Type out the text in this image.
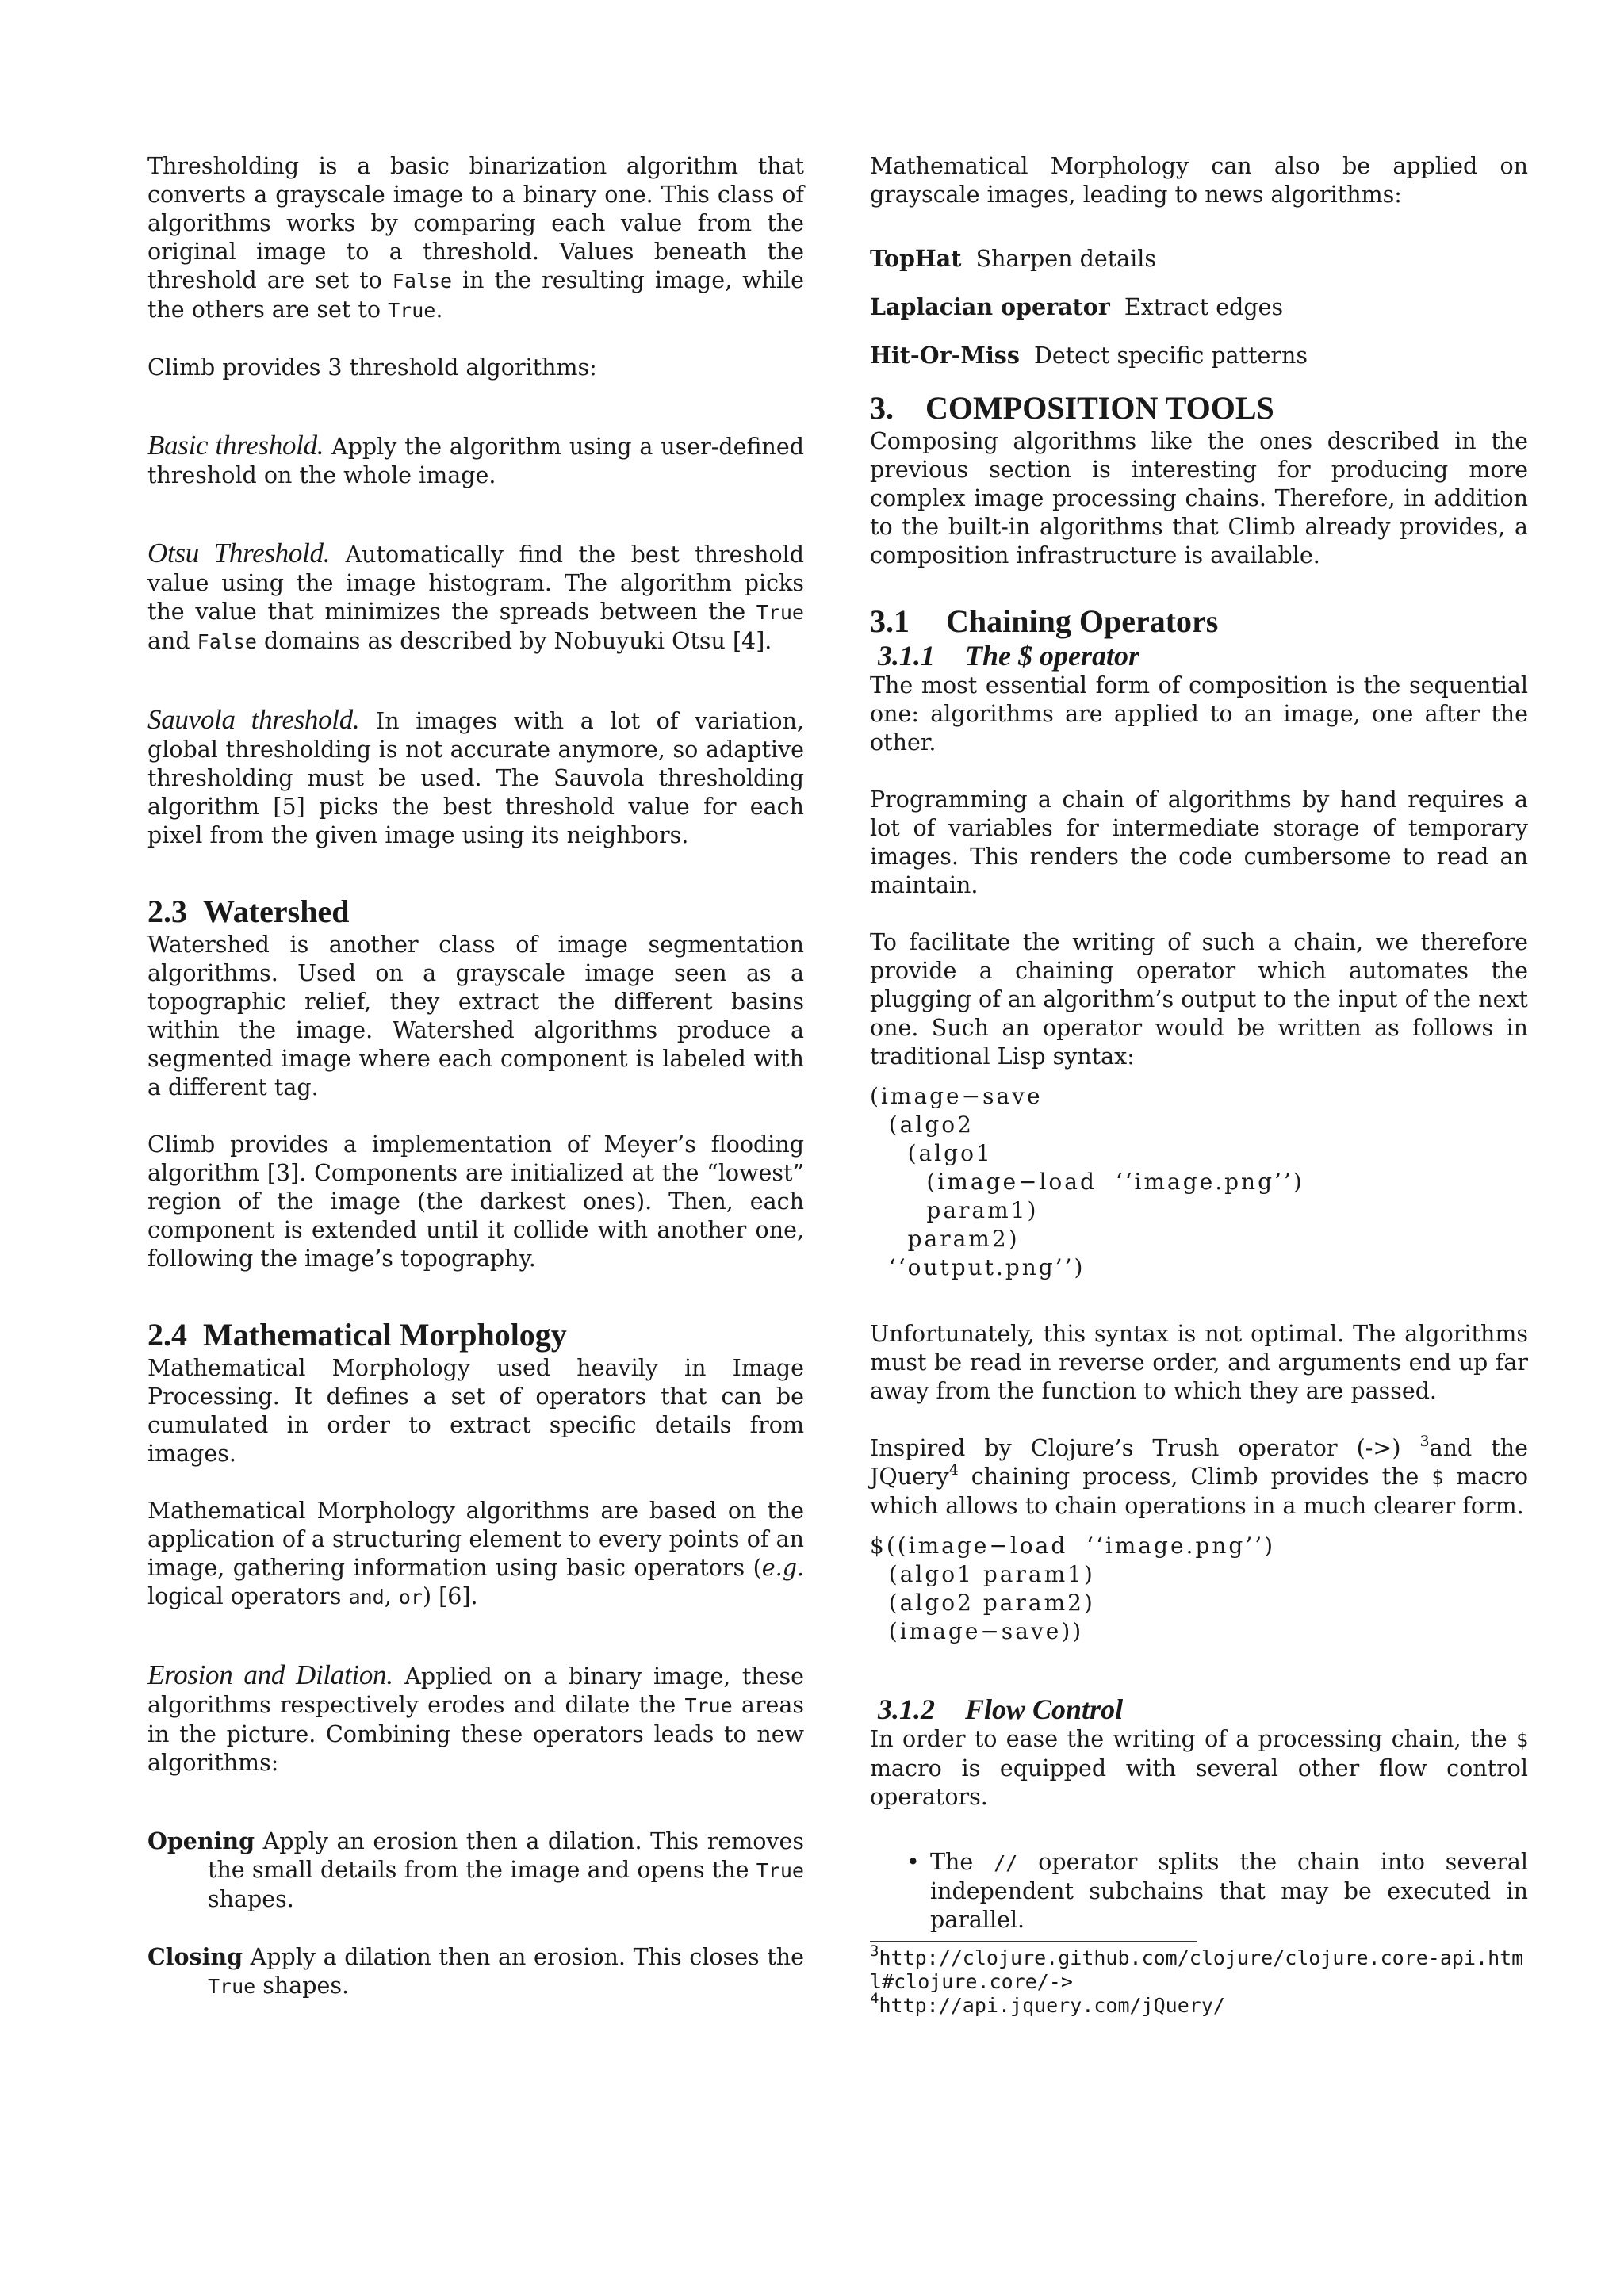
Thresholding is a basic binarization algorithm that converts a grayscale image to a binary one. This class of algorithms works by comparing each value from the original image to a threshold. Values beneath the threshold are set to False in the resulting image, while the others are set to True.

Climb provides 3 threshold algorithms:

Basic threshold. Apply the algorithm using a user-defined threshold on the whole image.

Otsu Threshold. Automatically find the best threshold value using the image histogram. The algorithm picks the value that minimizes the spreads between the True and False domains as described by Nobuyuki Otsu [4].

Sauvola threshold. In images with a lot of variation, global thresholding is not accurate anymore, so adaptive thresholding must be used. The Sauvola thresholding algorithm [5] picks the best threshold value for each pixel from the given image using its neighbors.

2.3 Watershed

Watershed is another class of image segmentation algorithms. Used on a grayscale image seen as a topographic relief, they extract the different basins within the image. Watershed algorithms produce a segmented image where each component is labeled with a different tag.

Climb provides a implementation of Meyer’s flooding algorithm [3]. Components are initialized at the “lowest” region of the image (the darkest ones). Then, each component is extended until it collide with another one, following the image’s topography.

2.4 Mathematical Morphology

Mathematical Morphology used heavily in Image Processing. It defines a set of operators that can be cumulated in order to extract specific details from images.

Mathematical Morphology algorithms are based on the application of a structuring element to every points of an image, gathering information using basic operators (e.g. logical operators and, or) [6].

Erosion and Dilation. Applied on a binary image, these algorithms respectively erodes and dilate the True areas in the picture. Combining these operators leads to new algorithms:

Opening Apply an erosion then a dilation. This removes the small details from the image and opens the True shapes.

Closing Apply a dilation then an erosion. This closes the True shapes.

Mathematical Morphology can also be applied on grayscale images, leading to news algorithms:

TopHat Sharpen details

Laplacian operator Extract edges

Hit-Or-Miss Detect specific patterns

3. COMPOSITION TOOLS

Composing algorithms like the ones described in the previous section is interesting for producing more complex image processing chains. Therefore, in addition to the built-in algorithms that Climb already provides, a composition infrastructure is available.

3.1 Chaining Operators
3.1.1 The $ operator

The most essential form of composition is the sequential one: algorithms are applied to an image, one after the other.

Programming a chain of algorithms by hand requires a lot of variables for intermediate storage of temporary images. This renders the code cumbersome to read an maintain.

To facilitate the writing of such a chain, we therefore provide a chaining operator which automates the plugging of an algorithm’s output to the input of the next one. Such an operator would be written as follows in traditional Lisp syntax:

(image−save
(algo2
(algo1
(image−load  ‘‘image.png’’)
param1)
param2)
‘‘output.png’’)

Unfortunately, this syntax is not optimal. The algorithms must be read in reverse order, and arguments end up far away from the function to which they are passed.

Inspired by Clojure’s Trush operator (->) $^3$and the JQuery$^4$ chaining process, Climb provides the $ macro which allows to chain operations in a much clearer form.

$((image−load  ‘‘image.png’’)
(algo1 param1)
(algo2 param2)
(image−save))
3.1.2 Flow Control

In order to ease the writing of a processing chain, the $ macro is equipped with several other flow control operators.

• The // operator splits the chain into several independent subchains that may be executed in parallel.

$^3$http://clojure.github.com/clojure/clojure.core-api.html#clojure.core/->
$^4$http://api.jquery.com/jQuery/
